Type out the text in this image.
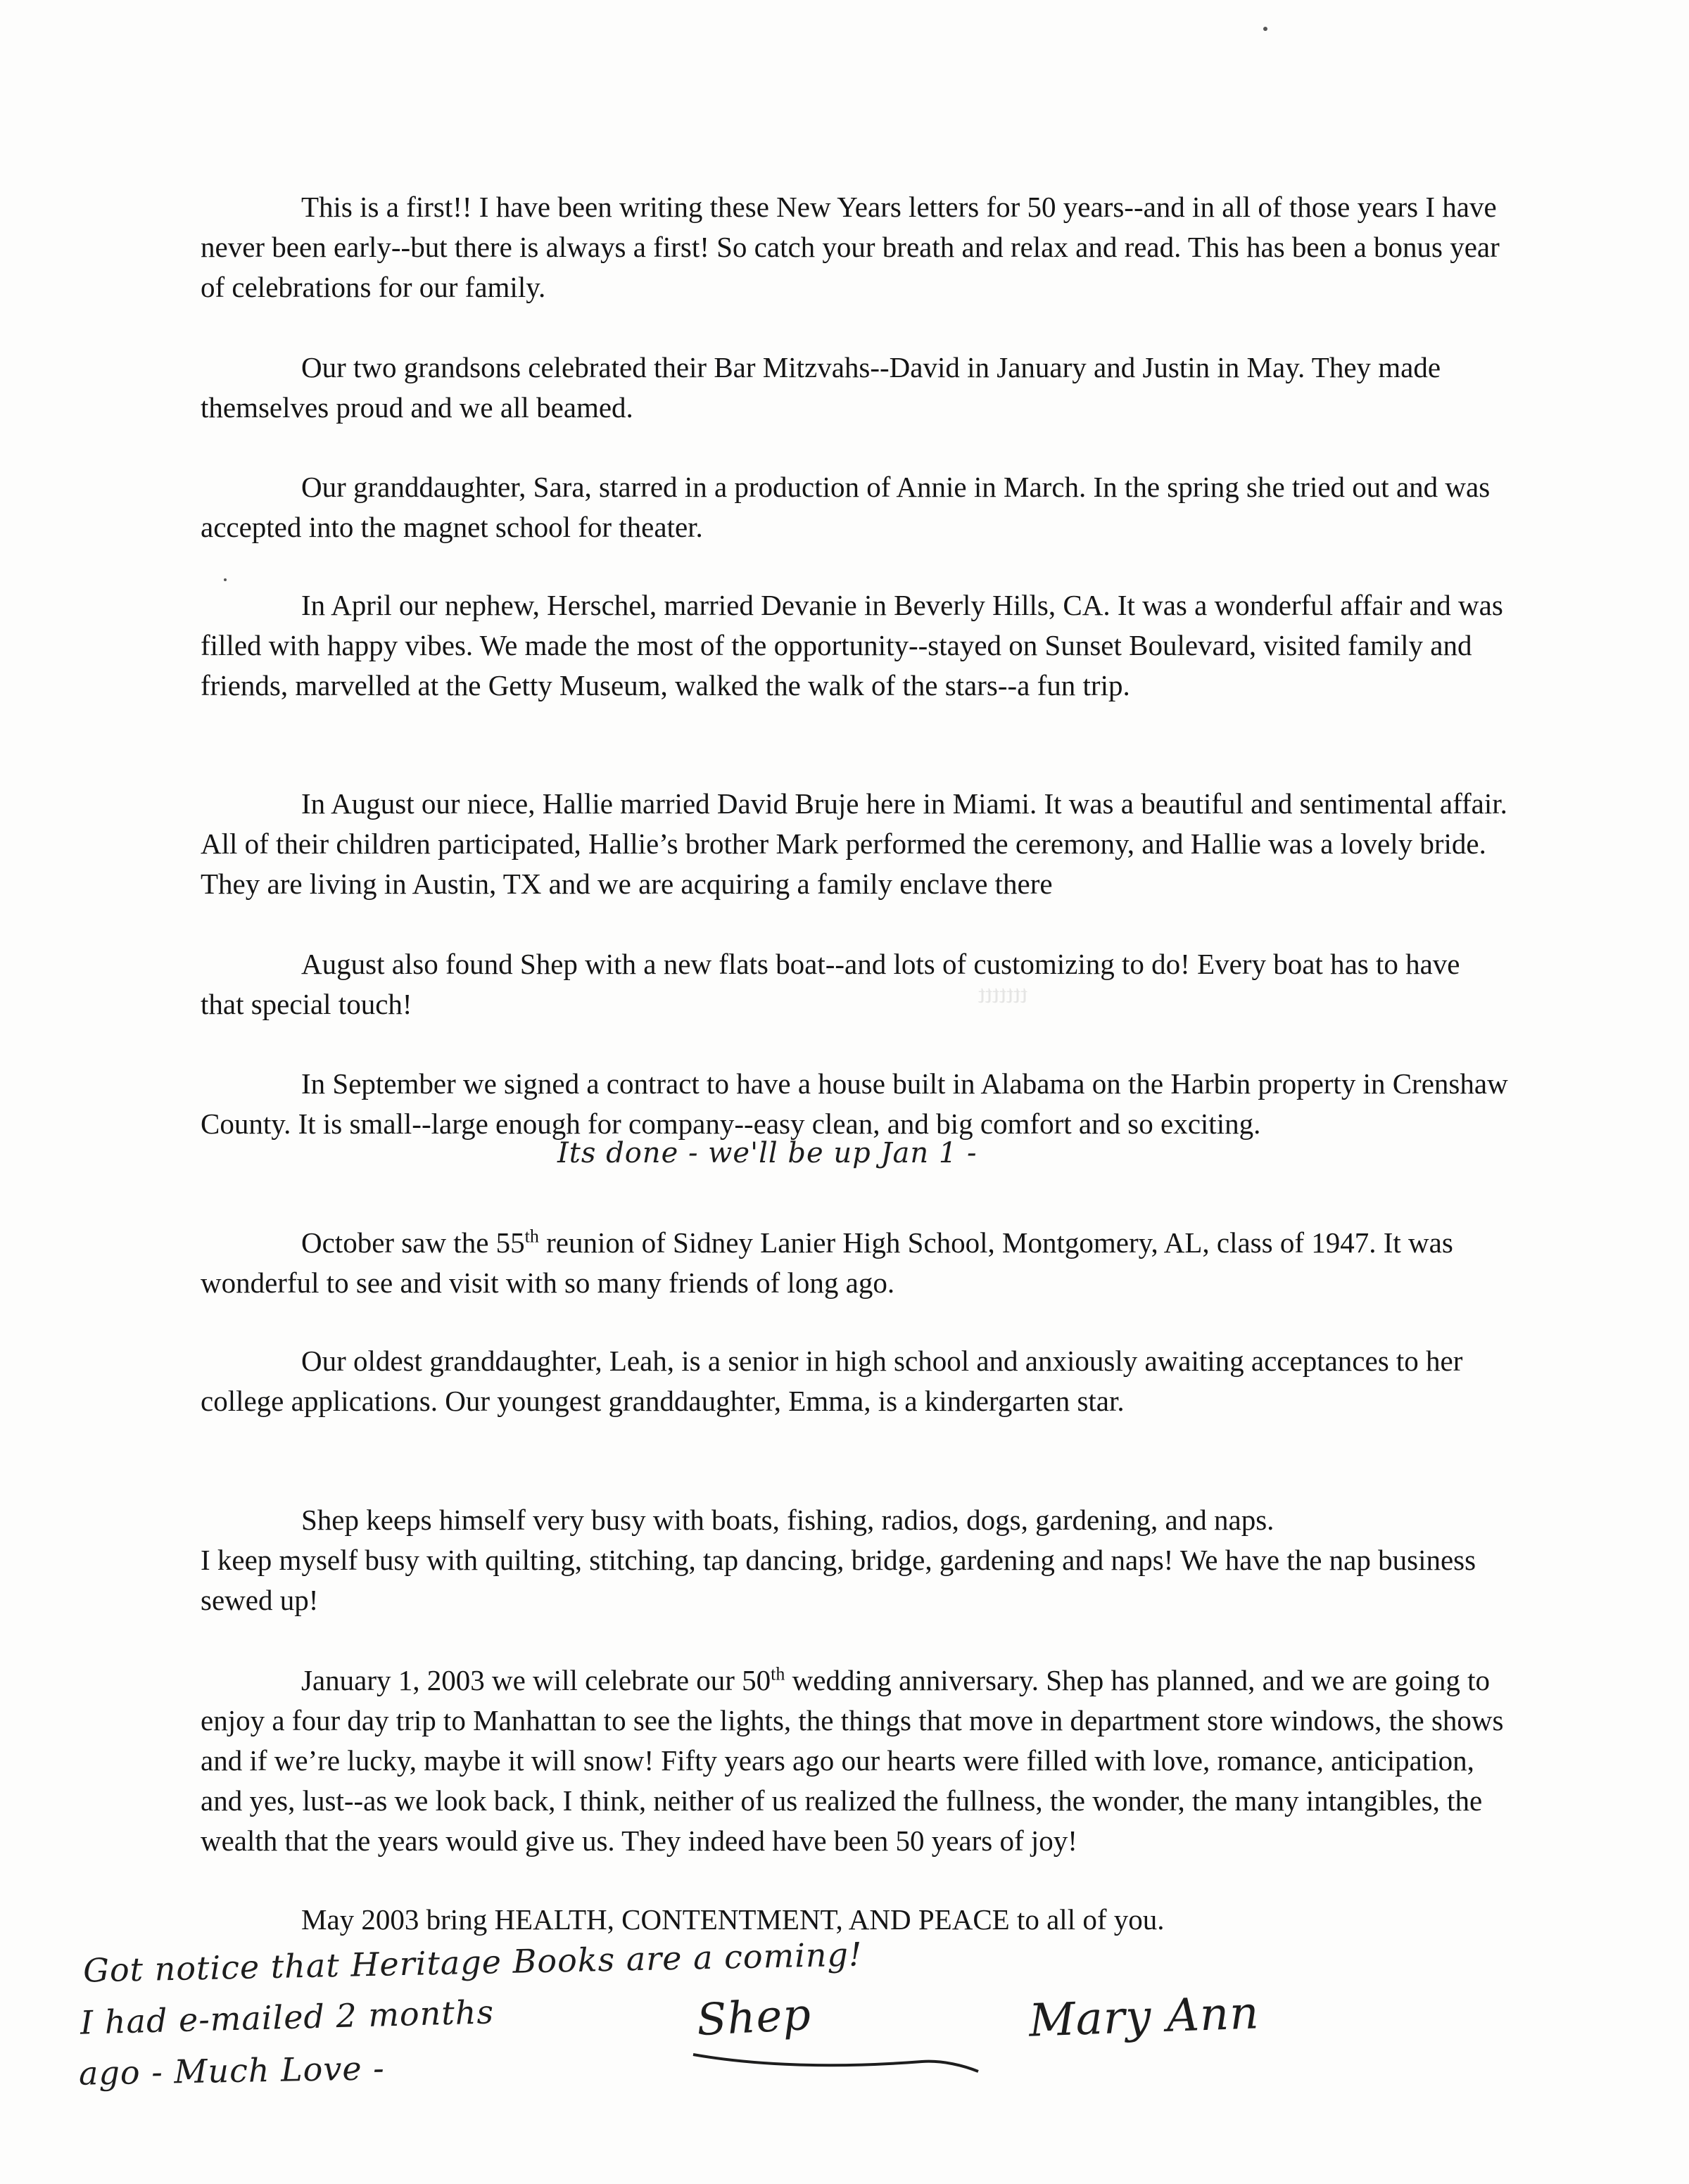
ttttttt

This is a first!! I have been writing these New Years letters for 50 years--and in all of those years I have never been early--but there is always a first! So catch your breath and relax and read. This has been a bonus year of celebrations for our family.

Our two grandsons celebrated their Bar Mitzvahs--David in January and Justin in May. They made themselves proud and we all beamed.

Our granddaughter, Sara, starred in a production of Annie in March. In the spring she tried out and was accepted into the magnet school for theater.

In April our nephew, Herschel, married Devanie in Beverly Hills, CA. It was a wonderful affair and was filled with happy vibes. We made the most of the opportunity--stayed on Sunset Boulevard, visited family and friends, marvelled at the Getty Museum, walked the walk of the stars--a fun trip.

In August our niece, Hallie married David Bruje here in Miami. It was a beautiful and sentimental affair. All of their children participated, Hallie’s brother Mark performed the ceremony, and Hallie was a lovely bride. They are living in Austin, TX and we are acquiring a family enclave there

August also found Shep with a new flats boat--and lots of customizing to do! Every boat has to have that special touch!

In September we signed a contract to have a house built in Alabama on the Harbin property in Crenshaw County. It is small--large enough for company--easy clean, and big comfort and so exciting.

Its done - we'll be up Jan 1 -

October saw the 55th reunion of Sidney Lanier High School, Montgomery, AL, class of 1947. It was wonderful to see and visit with so many friends of long ago.

Our oldest granddaughter, Leah, is a senior in high school and anxiously awaiting acceptances to her college applications. Our youngest granddaughter, Emma, is a kindergarten star.

Shep keeps himself very busy with boats, fishing, radios, dogs, gardening, and naps.

I keep myself busy with quilting, stitching, tap dancing, bridge, gardening and naps! We have the nap business sewed up!

January 1, 2003 we will celebrate our 50th wedding anniversary. Shep has planned, and we are going to enjoy a four day trip to Manhattan to see the lights, the things that move in department store windows, the shows and if we’re lucky, maybe it will snow! Fifty years ago our hearts were filled with love, romance, anticipation, and yes, lust--as we look back, I think, neither of us realized the fullness, the wonder, the many intangibles, the wealth that the years would give us. They indeed have been 50 years of joy!

May 2003 bring HEALTH, CONTENTMENT, AND PEACE to all of you.

Got notice that Heritage Books are a coming!
I had e-mailed 2 months
ago - Much Love -
Shep	Mary Ann
